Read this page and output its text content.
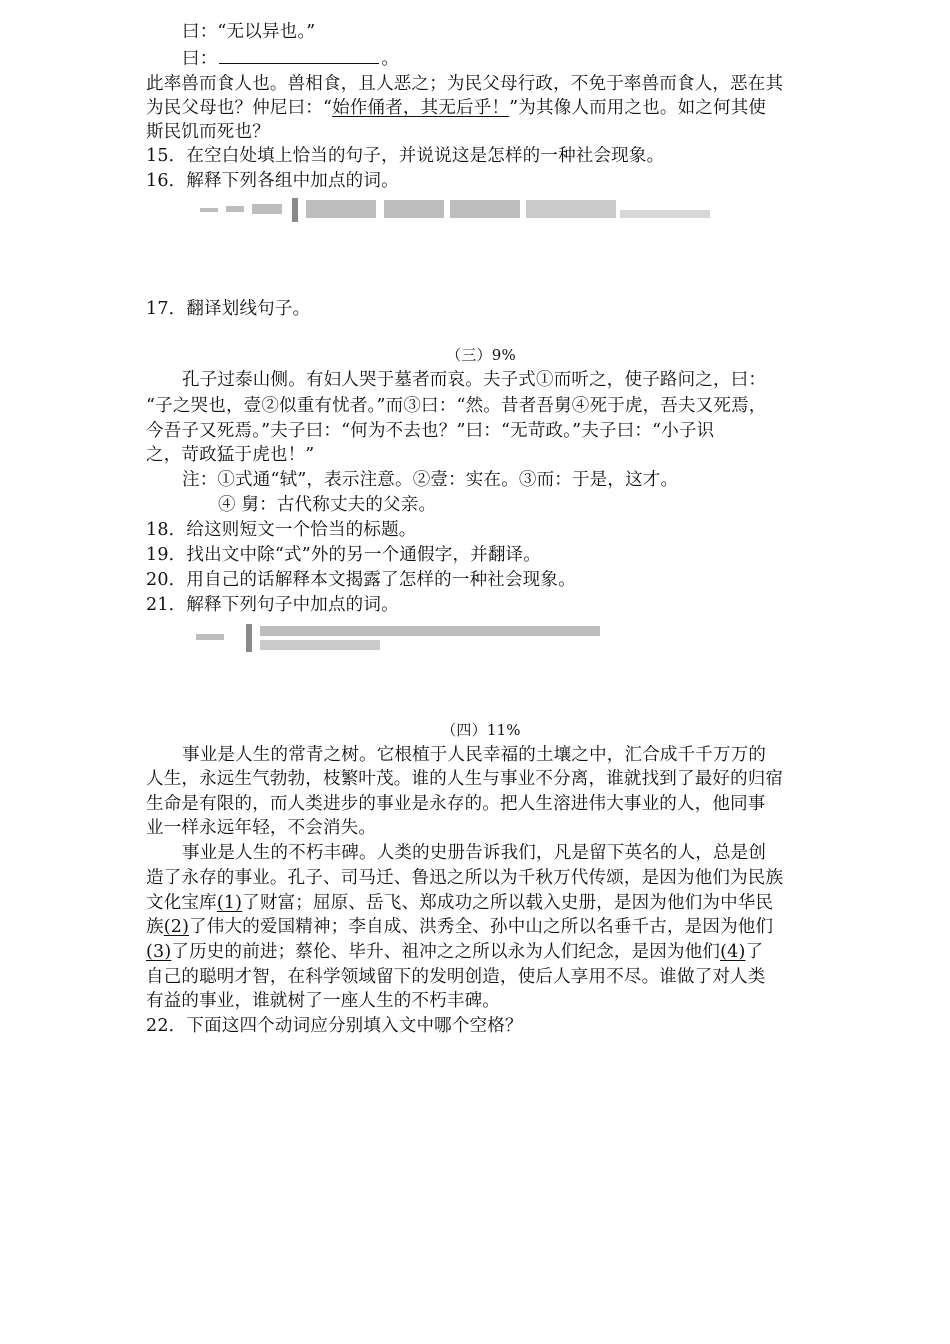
曰：“无以异也。”
曰：	。
此率兽而食人也。兽相食，且人恶之；为民父母行政，不免于率兽而食人，恶在其
为民父母也？仲尼曰：“始作俑者，其无后乎！”为其像人而用之也。如之何其使
斯民饥而死也？
15．在空白处填上恰当的句子，并说说这是怎样的一种社会现象。
16．解释下列各组中加点的词。
17．翻译划线句子。
（三）9%
孔子过泰山侧。有妇人哭于墓者而哀。夫子式①而听之，使子路问之，曰：
“子之哭也，壹②似重有忧者。”而③曰：“然。昔者吾舅④死于虎，吾夫又死焉，
今吾子又死焉。”夫子曰：“何为不去也？”曰：“无苛政。”夫子曰：“小子识
之，苛政猛于虎也！”
注：①式通“轼”，表示注意。②壹：实在。③而：于是，这才。
④ 舅：古代称丈夫的父亲。
18．给这则短文一个恰当的标题。
19．找出文中除“式”外的另一个通假字，并翻译。
20．用自己的话解释本文揭露了怎样的一种社会现象。
21．解释下列句子中加点的词。
（四）11%
事业是人生的常青之树。它根植于人民幸福的土壤之中，汇合成千千万万的
人生，永远生气勃勃，枝繁叶茂。谁的人生与事业不分离，谁就找到了最好的归宿
生命是有限的，而人类进步的事业是永存的。把人生溶进伟大事业的人，他同事
业一样永远年轻，不会消失。
事业是人生的不朽丰碑。人类的史册告诉我们，凡是留下英名的人，总是创
造了永存的事业。孔子、司马迁、鲁迅之所以为千秋万代传颂，是因为他们为民族
文化宝库(1)了财富；屈原、岳飞、郑成功之所以载入史册，是因为他们为中华民
族(2)了伟大的爱国精神；李自成、洪秀全、孙中山之所以名垂千古，是因为他们
(3)了历史的前进；蔡伦、毕升、祖冲之之所以永为人们纪念，是因为他们(4)了
自己的聪明才智，在科学领域留下的发明创造，使后人享用不尽。谁做了对人类
有益的事业，谁就树了一座人生的不朽丰碑。
22．下面这四个动词应分别填入文中哪个空格？
